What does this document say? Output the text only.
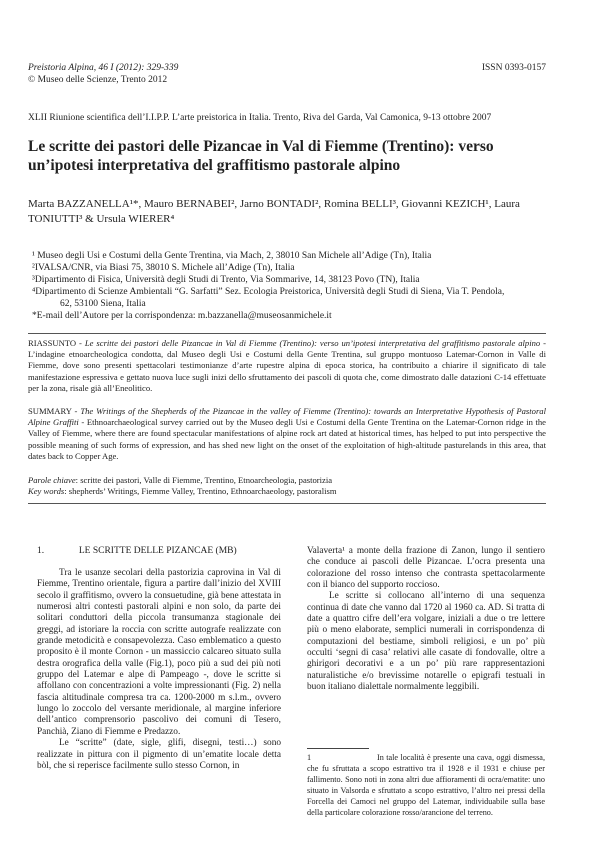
Preistoria Alpina, 46 I (2012): 329-339
© Museo delle Scienze, Trento 2012
ISSN 0393-0157
XLII Riunione scientifica dell’I.I.P.P. L’arte preistorica in Italia. Trento, Riva del Garda, Val Camonica, 9-13 ottobre 2007
Le scritte dei pastori delle Pizancae in Val di Fiemme (Trentino): verso un’ipotesi interpretativa del graffitismo pastorale alpino
Marta BAZZANELLA¹*, Mauro BERNABEI², Jarno BONTADI², Romina BELLI³, Giovanni KEZICH¹, Laura
TONIUTTI³ & Ursula WIERER⁴
¹ Museo degli Usi e Costumi della Gente Trentina, via Mach, 2, 38010 San Michele all’Adige (Tn), Italia
²IVALSA/CNR, via Biasi 75, 38010 S. Michele all’Adige (Tn), Italia
³Dipartimento di Fisica, Università degli Studi di Trento, Via Sommarive, 14, 38123 Povo (TN), Italia
⁴Dipartimento di Scienze Ambientali “G. Sarfatti” Sez. Ecologia Preistorica, Università degli Studi di Siena, Via T. Pendola,
62, 53100 Siena, Italia
*E-mail dell’Autore per la corrispondenza: m.bazzanella@museosanmichele.it
RIASSUNTO - Le scritte dei pastori delle Pizancae in Val di Fiemme (Trentino): verso un’ipotesi interpretativa del graffitismo pastorale alpino - L’indagine etnoarcheologica condotta, dal Museo degli Usi e Costumi della Gente Trentina, sul gruppo montuoso Latemar-Cornon in Valle di Fiemme, dove sono presenti spettacolari testimonianze d’arte rupestre alpina di epoca storica, ha contribuito a chiarire il significato di tale manifestazione espressiva e gettato nuova luce sugli inizi dello sfruttamento dei pascoli di quota che, come dimostrato dalle datazioni C-14 effettuate per la zona, risale già all’Eneolitico.
SUMMARY - The Writings of the Shepherds of the Pizancae in the valley of Fiemme (Trentino): towards an Interpretative Hypothesis of Pastoral Alpine Graffiti - Ethnoarchaeological survey carried out by the Museo degli Usi e Costumi della Gente Trentina on the Latemar-Cornon ridge in the Valley of Fiemme, where there are found spectacular manifestations of alpine rock art dated at historical times, has helped to put into perspective the possible meaning of such forms of expression, and has shed new light on the onset of the exploitation of high-altitude pasturelands in this area, that dates back to Copper Age.
Parole chiave: scritte dei pastori, Valle di Fiemme, Trentino, Etnoarcheologia, pastorizia
Key words: shepherds’ Writings, Fiemme Valley, Trentino, Ethnoarchaeology, pastoralism
1.	LE SCRITTE DELLE PIZANCAE (MB)

Tra le usanze secolari della pastorizia caprovina in Val di Fiemme, Trentino orientale, figura a partire dall’inizio del XVIII secolo il graffitismo, ovvero la consuetudine, già bene attestata in numerosi altri contesti pastorali alpini e non solo, da parte dei solitari conduttori della piccola transumanza stagionale dei greggi, ad istoriare la roccia con scritte autografe realizzate con grande metodicità e consapevolezza. Caso emblematico a questo proposito è il monte Cornon - un massiccio calcareo situato sulla destra orografica della valle (Fig.1), poco più a sud dei più noti gruppo del Latemar e alpe di Pampeago -, dove le scritte si affollano con concentrazioni a volte impressionanti (Fig. 2) nella fascia altitudinale compresa tra ca. 1200-2000 m s.l.m., ovvero lungo lo zoccolo del versante meridionale, al margine inferiore dell’antico comprensorio pascolivo dei comuni di Tesero, Panchià, Ziano di Fiemme e Predazzo.

Le “scritte” (date, sigle, glifi, disegni, testi…) sono realizzate in pittura con il pigmento di un’ematite locale detta bòl, che si reperisce facilmente sullo stesso Cornon, in

Valaverta¹ a monte della frazione di Zanon, lungo il sentiero che conduce ai pascoli delle Pizancae. L’ocra presenta una colorazione del rosso intenso che contrasta spettacolarmente con il bianco del supporto roccioso.

Le scritte si collocano all’interno di una sequenza continua di date che vanno dal 1720 al 1960 ca. AD. Si tratta di date a quattro cifre dell’era volgare, iniziali a due o tre lettere più o meno elaborate, semplici numerali in corrispondenza di computazioni del bestiame, simboli religiosi, e un po’ più occulti ‘segni di casa’ relativi alle casate di fondovalle, oltre a ghirigori decorativi e a un po’ più rare rappresentazioni naturalistiche e/o brevissime notarelle o epigrafi testuali in buon italiano dialettale normalmente leggibili.

1	In tale località è presente una cava, oggi dismessa, che fu sfruttata a scopo estrattivo tra il 1928 e il 1931 e chiuse per fallimento. Sono noti in zona altri due affioramenti di ocra/ematite: uno situato in Valsorda e sfruttato a scopo estrattivo, l’altro nei pressi della Forcella dei Camoci nel gruppo del Latemar, individuabile sulla base della particolare colorazione rosso/arancione del terreno.
